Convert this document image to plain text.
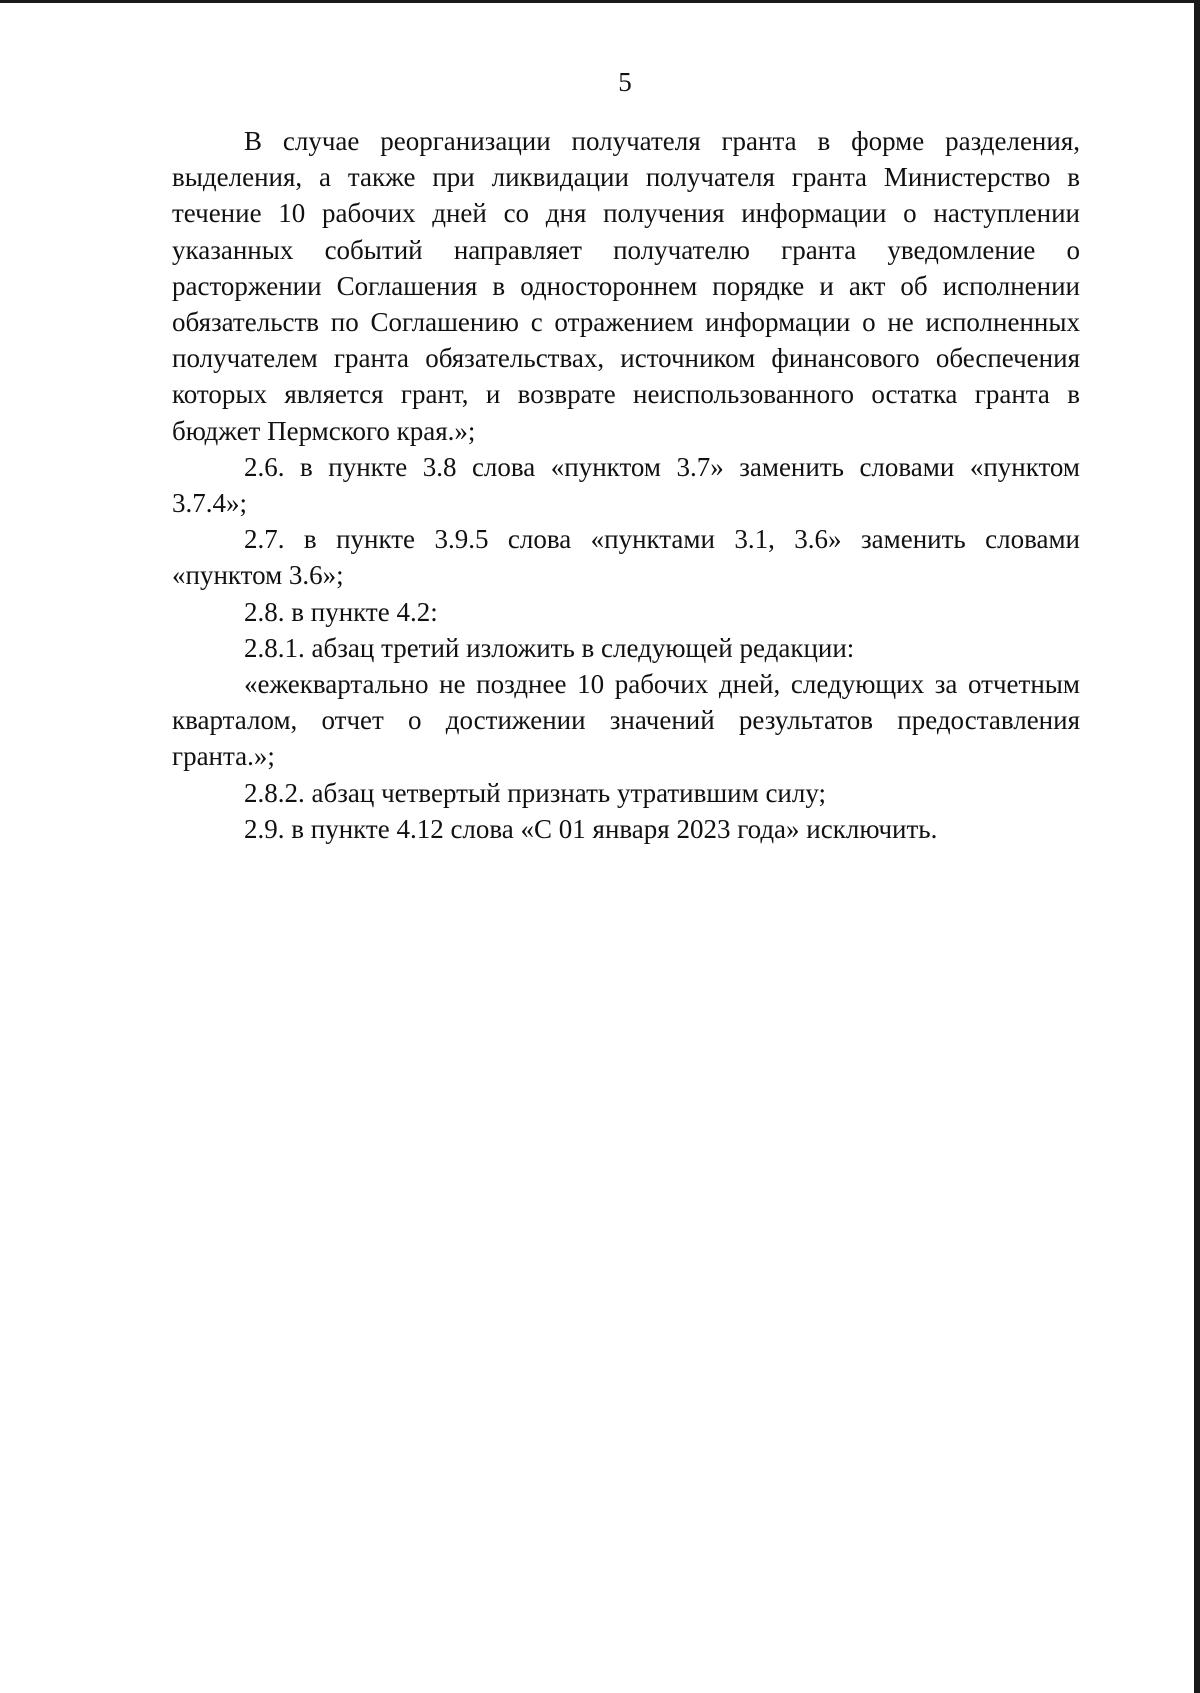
5

В случае реорганизации получателя гранта в форме разделения, выделения, а также при ликвидации получателя гранта Министерство в течение 10 рабочих дней со дня получения информации о наступлении указанных событий направляет получателю гранта уведомление о расторжении Соглашения в одностороннем порядке и акт об исполнении обязательств по Соглашению с отражением информации о не исполненных получателем гранта обязательствах, источником финансового обеспечения которых является грант, и возврате неиспользованного остатка гранта в бюджет Пермского края.»;

2.6. в пункте 3.8 слова «пунктом 3.7» заменить словами «пунктом 3.7.4»;

2.7. в пункте 3.9.5 слова «пунктами 3.1, 3.6» заменить словами «пунктом 3.6»;

2.8. в пункте 4.2:

2.8.1. абзац третий изложить в следующей редакции:

«ежеквартально не позднее 10 рабочих дней, следующих за отчетным кварталом, отчет о достижении значений результатов предоставления гранта.»;

2.8.2. абзац четвертый признать утратившим силу;

2.9. в пункте 4.12 слова «С 01 января 2023 года» исключить.
